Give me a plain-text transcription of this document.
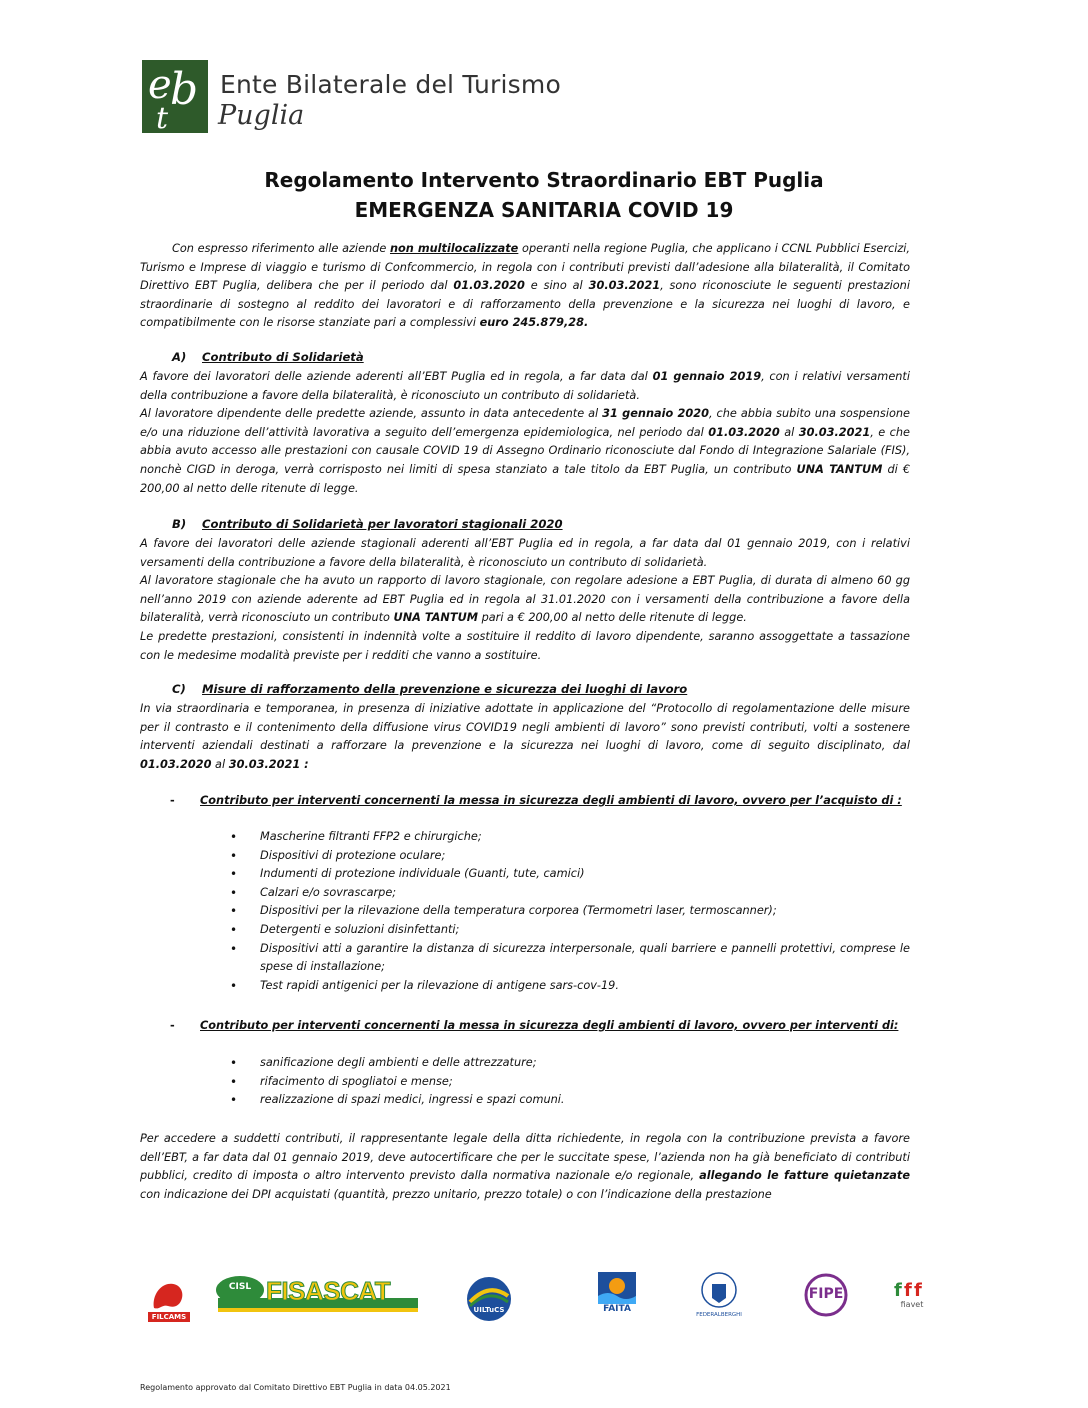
e
b
t
Ente Bilaterale del Turismo
Puglia
Regolamento Intervento Straordinario EBT Puglia
EMERGENZA SANITARIA COVID 19
Con espresso riferimento alle aziende non multilocalizzate operanti nella regione Puglia, che applicano i CCNL Pubblici Esercizi, Turismo e Imprese di viaggio e turismo di Confcommercio, in regola con i contributi previsti dall’adesione alla bilateralità, il Comitato Direttivo EBT Puglia, delibera che per il periodo dal 01.03.2020 e sino al 30.03.2021, sono riconosciute le seguenti prestazioni straordinarie di sostegno al reddito dei lavoratori e di rafforzamento della prevenzione e la sicurezza nei luoghi di lavoro, e compatibilmente con le risorse stanziate pari a complessivi euro 245.879,28.
A) Contributo di Solidarietà
A favore dei lavoratori delle aziende aderenti all’EBT Puglia ed in regola, a far data dal 01 gennaio 2019, con i relativi versamenti della contribuzione a favore della bilateralità, è riconosciuto un contributo di solidarietà.
Al lavoratore dipendente delle predette aziende, assunto in data antecedente al 31 gennaio 2020, che abbia subito una sospensione e/o una riduzione dell’attività lavorativa a seguito dell’emergenza epidemiologica, nel periodo dal 01.03.2020 al 30.03.2021, e che abbia avuto accesso alle prestazioni con causale COVID 19 di Assegno Ordinario riconosciute dal Fondo di Integrazione Salariale (FIS), nonchè CIGD in deroga, verrà corrisposto nei limiti di spesa stanziato a tale titolo da EBT Puglia, un contributo UNA TANTUM di € 200,00 al netto delle ritenute di legge.
B) Contributo di Solidarietà per lavoratori stagionali 2020
A favore dei lavoratori delle aziende stagionali aderenti all’EBT Puglia ed in regola, a far data dal 01 gennaio 2019, con i relativi versamenti della contribuzione a favore della bilateralità, è riconosciuto un contributo di solidarietà.
Al lavoratore stagionale che ha avuto un rapporto di lavoro stagionale, con regolare adesione a EBT Puglia, di durata di almeno 60 gg nell’anno 2019 con aziende aderente ad EBT Puglia ed in regola al 31.01.2020 con i versamenti della contribuzione a favore della bilateralità, verrà riconosciuto un contributo UNA TANTUM pari a € 200,00 al netto delle ritenute di legge.
Le predette prestazioni, consistenti in indennità volte a sostituire il reddito di lavoro dipendente, saranno assoggettate a tassazione con le medesime modalità previste per i redditi che vanno a sostituire.
C) Misure di rafforzamento della prevenzione e sicurezza dei luoghi di lavoro
In via straordinaria e temporanea, in presenza di iniziative adottate in applicazione del “Protocollo di regolamentazione delle misure per il contrasto e il contenimento della diffusione virus COVID19 negli ambienti di lavoro” sono previsti contributi, volti a sostenere interventi aziendali destinati a rafforzare la prevenzione e la sicurezza nei luoghi di lavoro, come di seguito disciplinato, dal 01.03.2020 al 30.03.2021 :
- Contributo per interventi concernenti la messa in sicurezza degli ambienti di lavoro, ovvero per l’acquisto di :
• Mascherine filtranti FFP2 e chirurgiche;
• Dispositivi di protezione oculare;
• Indumenti di protezione individuale (Guanti, tute, camici)
• Calzari e/o sovrascarpe;
• Dispositivi per la rilevazione della temperatura corporea (Termometri laser, termoscanner);
• Detergenti e soluzioni disinfettanti;
• Dispositivi atti a garantire la distanza di sicurezza interpersonale, quali barriere e pannelli protettivi, comprese le spese di installazione;
• Test rapidi antigenici per la rilevazione di antigene sars-cov-19.
- Contributo per interventi concernenti la messa in sicurezza degli ambienti di lavoro, ovvero per interventi di:
• sanificazione degli ambienti e delle attrezzature;
• rifacimento di spogliatoi e mense;
• realizzazione di spazi medici, ingressi e spazi comuni.
Per accedere a suddetti contributi, il rappresentante legale della ditta richiedente, in regola con la contribuzione prevista a favore dell’EBT, a far data dal 01 gennaio 2019, deve autocertificare che per le succitate spese, l’azienda non ha già beneficiato di contributi pubblici, credito di imposta o altro intervento previsto dalla normativa nazionale e/o regionale, allegando le fatture quietanzate con indicazione dei DPI acquistati (quantità, prezzo unitario, prezzo totale) o con l’indicazione della prestazione
FILCAMS
CISL FISASCAT
UILTuCS	FAITA
FEDERALBERGHI
FIPE	f f f
fiavet
Regolamento approvato dal Comitato Direttivo EBT Puglia in data 04.05.2021
